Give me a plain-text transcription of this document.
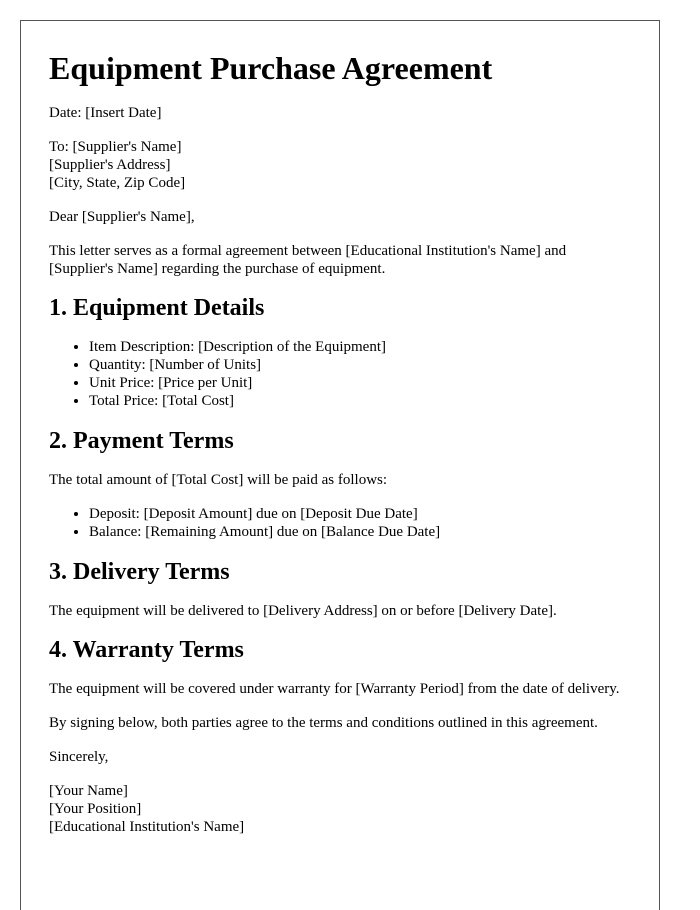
Equipment Purchase Agreement

Date: [Insert Date]

To: [Supplier's Name]
[Supplier's Address]
[City, State, Zip Code]

Dear [Supplier's Name],

This letter serves as a formal agreement between [Educational Institution's Name] and [Supplier's Name] regarding the purchase of equipment.

1. Equipment Details
• Item Description: [Description of the Equipment]
• Quantity: [Number of Units]
• Unit Price: [Price per Unit]
• Total Price: [Total Cost]
2. Payment Terms

The total amount of [Total Cost] will be paid as follows:

• Deposit: [Deposit Amount] due on [Deposit Due Date]
• Balance: [Remaining Amount] due on [Balance Due Date]
3. Delivery Terms

The equipment will be delivered to [Delivery Address] on or before [Delivery Date].

4. Warranty Terms

The equipment will be covered under warranty for [Warranty Period] from the date of delivery.

By signing below, both parties agree to the terms and conditions outlined in this agreement.

Sincerely,

[Your Name]
[Your Position]
[Educational Institution's Name]
